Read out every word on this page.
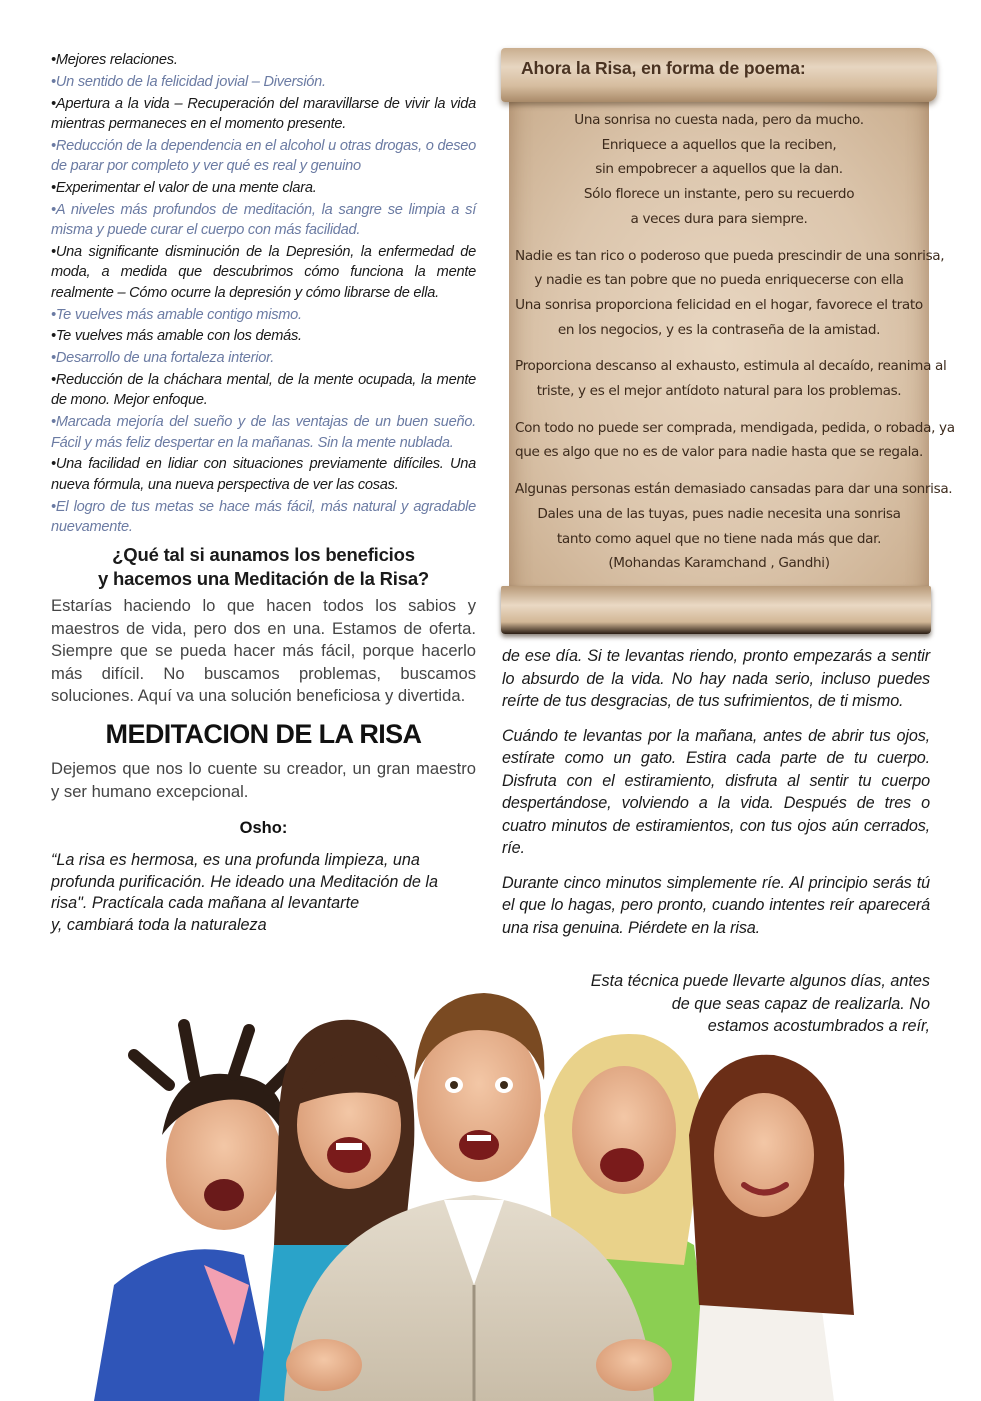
•Mejores relaciones.

•Un sentido de la felicidad jovial – Diversión.

•Apertura a la vida – Recuperación del maravillarse de vivir la vida mientras permaneces en el momento presente.

•Reducción de la dependencia en el alcohol u otras drogas, o deseo de parar por completo y ver qué es real y genuino

•Experimentar el valor de una mente clara.

•A niveles más profundos de meditación, la sangre se limpia a sí misma y puede curar el cuerpo con más facilidad.

•Una significante disminución de la Depresión, la enfermedad de moda, a medida que descubrimos cómo funciona la mente realmente – Cómo ocurre la depresión y cómo librarse de ella.

•Te vuelves más amable contigo mismo.

•Te vuelves más amable con los demás.

•Desarrollo de una fortaleza interior.

•Reducción de la cháchara mental, de la mente ocupada, la mente de mono. Mejor enfoque.

•Marcada mejoría del sueño y de las ventajas de un buen sueño. Fácil y más feliz despertar en la mañanas. Sin la mente nublada.

•Una facilidad en lidiar con situaciones previamente difíciles. Una nueva fórmula, una nueva perspectiva de ver las cosas.

•El logro de tus metas se hace más fácil, más natural y agradable nuevamente.

¿Qué tal si aunamos los beneficios
y hacemos una Meditación de la Risa?

Estarías haciendo lo que hacen todos los sabios y maestros de vida, pero dos en una. Estamos de oferta. Siempre que se pueda hacer más fácil, porque hacerlo más difícil. No buscamos problemas, buscamos soluciones. Aquí va una solución beneficiosa y divertida.

MEDITACION DE LA RISA

Dejemos que nos lo cuente su creador, un gran maestro y ser humano excepcional.

Osho:

“La risa es hermosa, es una profunda limpieza, una profunda purificación. He ideado una Meditación de la risa". Practícala cada mañana al levantarte
y, cambiará toda la naturaleza

Ahora la Risa, en forma de poema:
Una sonrisa no cuesta nada, pero da mucho.
Enriquece a aquellos que la reciben,
sin empobrecer a aquellos que la dan.
Sólo florece un instante, pero su recuerdo
a veces dura para siempre.
Nadie es tan rico o poderoso que pueda prescindir de una sonrisa,
y nadie es tan pobre que no pueda enriquecerse con ella
Una sonrisa proporciona felicidad en el hogar, favorece el trato
en los negocios, y es la contraseña de la amistad.
Proporciona descanso al exhausto, estimula al decaído, reanima al
triste, y es el mejor antídoto natural para los problemas.
Con todo no puede ser comprada, mendigada, pedida, o robada, ya
que es algo que no es de valor para nadie hasta que se regala.
Algunas personas están demasiado cansadas para dar una sonrisa.
Dales una de las tuyas, pues nadie necesita una sonrisa
tanto como aquel que no tiene nada más que dar.
(Mohandas Karamchand , Gandhi)

de ese día. Si te levantas riendo, pronto empezarás a sentir lo absurdo de la vida. No hay nada serio, incluso puedes reírte de tus desgracias, de tus sufrimientos, de ti mismo.

Cuándo te levantas por la mañana, antes de abrir tus ojos, estírate como un gato. Estira cada parte de tu cuerpo. Disfruta con el estiramiento, disfruta al sentir tu cuerpo despertándose, volviendo a la vida. Después de tres o cuatro minutos de estiramientos, con tus ojos aún cerrados, ríe.

Durante cinco minutos simplemente ríe. Al principio serás tú el que lo hagas, pero pronto, cuando intentes reír aparecerá una risa genuina. Piérdete en la risa.

Esta técnica puede llevarte algunos días, antes
de que seas capaz de realizarla. No
estamos acostumbrados a reír,
